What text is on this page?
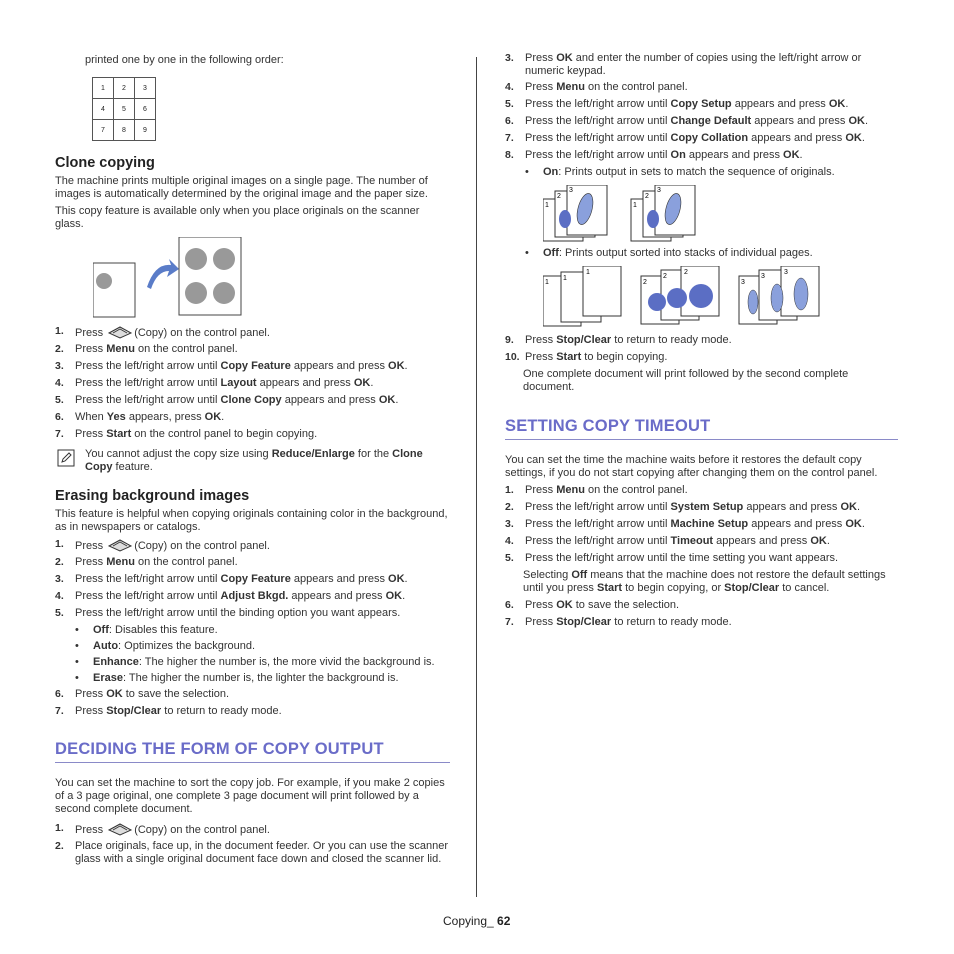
printed one by one in the following order:
1	2	3
4	5	6
7	8	9
Clone copying
The machine prints multiple original images on a single page. The number of images is automatically determined by the original image and the paper size.
This copy feature is available only when you place originals on the scanner glass.
1. Press	(Copy) on the control panel.
2. Press Menu on the control panel.
3. Press the left/right arrow until Copy Feature appears and press OK.
4. Press the left/right arrow until Layout appears and press OK.
5. Press the left/right arrow until Clone Copy appears and press OK.
6. When Yes appears, press OK.
7. Press Start on the control panel to begin copying.
You cannot adjust the copy size using Reduce/Enlarge for the Clone Copy feature.
Erasing background images
This feature is helpful when copying originals containing color in the background, as in newspapers or catalogs.
1. Press	(Copy) on the control panel.
2. Press Menu on the control panel.
3. Press the left/right arrow until Copy Feature appears and press OK.
4. Press the left/right arrow until Adjust Bkgd. appears and press OK.
5. Press the left/right arrow until the binding option you want appears.
• Off: Disables this feature.
• Auto: Optimizes the background.
• Enhance: The higher the number is, the more vivid the background is.
• Erase: The higher the number is, the lighter the background is.
6. Press OK to save the selection.
7. Press Stop/Clear to return to ready mode.
DECIDING THE FORM OF COPY OUTPUT
You can set the machine to sort the copy job. For example, if you make 2 copies of a 3 page original, one complete 3 page document will print followed by a second complete document.
1. Press	(Copy) on the control panel.
2. Place originals, face up, in the document feeder. Or you can use the scanner glass with a single original document face down and closed the scanner lid.
3. Press OK and enter the number of copies using the left/right arrow or numeric keypad.
4. Press Menu on the control panel.
5. Press the left/right arrow until Copy Setup appears and press OK.
6. Press the left/right arrow until Change Default appears and press OK.
7. Press the left/right arrow until Copy Collation appears and press OK.
8. Press the left/right arrow until On appears and press OK.
• On: Prints output in sets to match the sequence of originals.
1
2
3
1
2
3
• Off: Prints output sorted into stacks of individual pages.
1
1
1
2
2
2
3
3
3
9. Press Stop/Clear to return to ready mode.
10. Press Start to begin copying.
One complete document will print followed by the second complete document.
SETTING COPY TIMEOUT
You can set the time the machine waits before it restores the default copy settings, if you do not start copying after changing them on the control panel.
1. Press Menu on the control panel.
2. Press the left/right arrow until System Setup appears and press OK.
3. Press the left/right arrow until Machine Setup appears and press OK.
4. Press the left/right arrow until Timeout appears and press OK.
5. Press the left/right arrow until the time setting you want appears.
Selecting Off means that the machine does not restore the default settings until you press Start to begin copying, or Stop/Clear to cancel.
6. Press OK to save the selection.
7. Press Stop/Clear to return to ready mode.
Copying_ 62
